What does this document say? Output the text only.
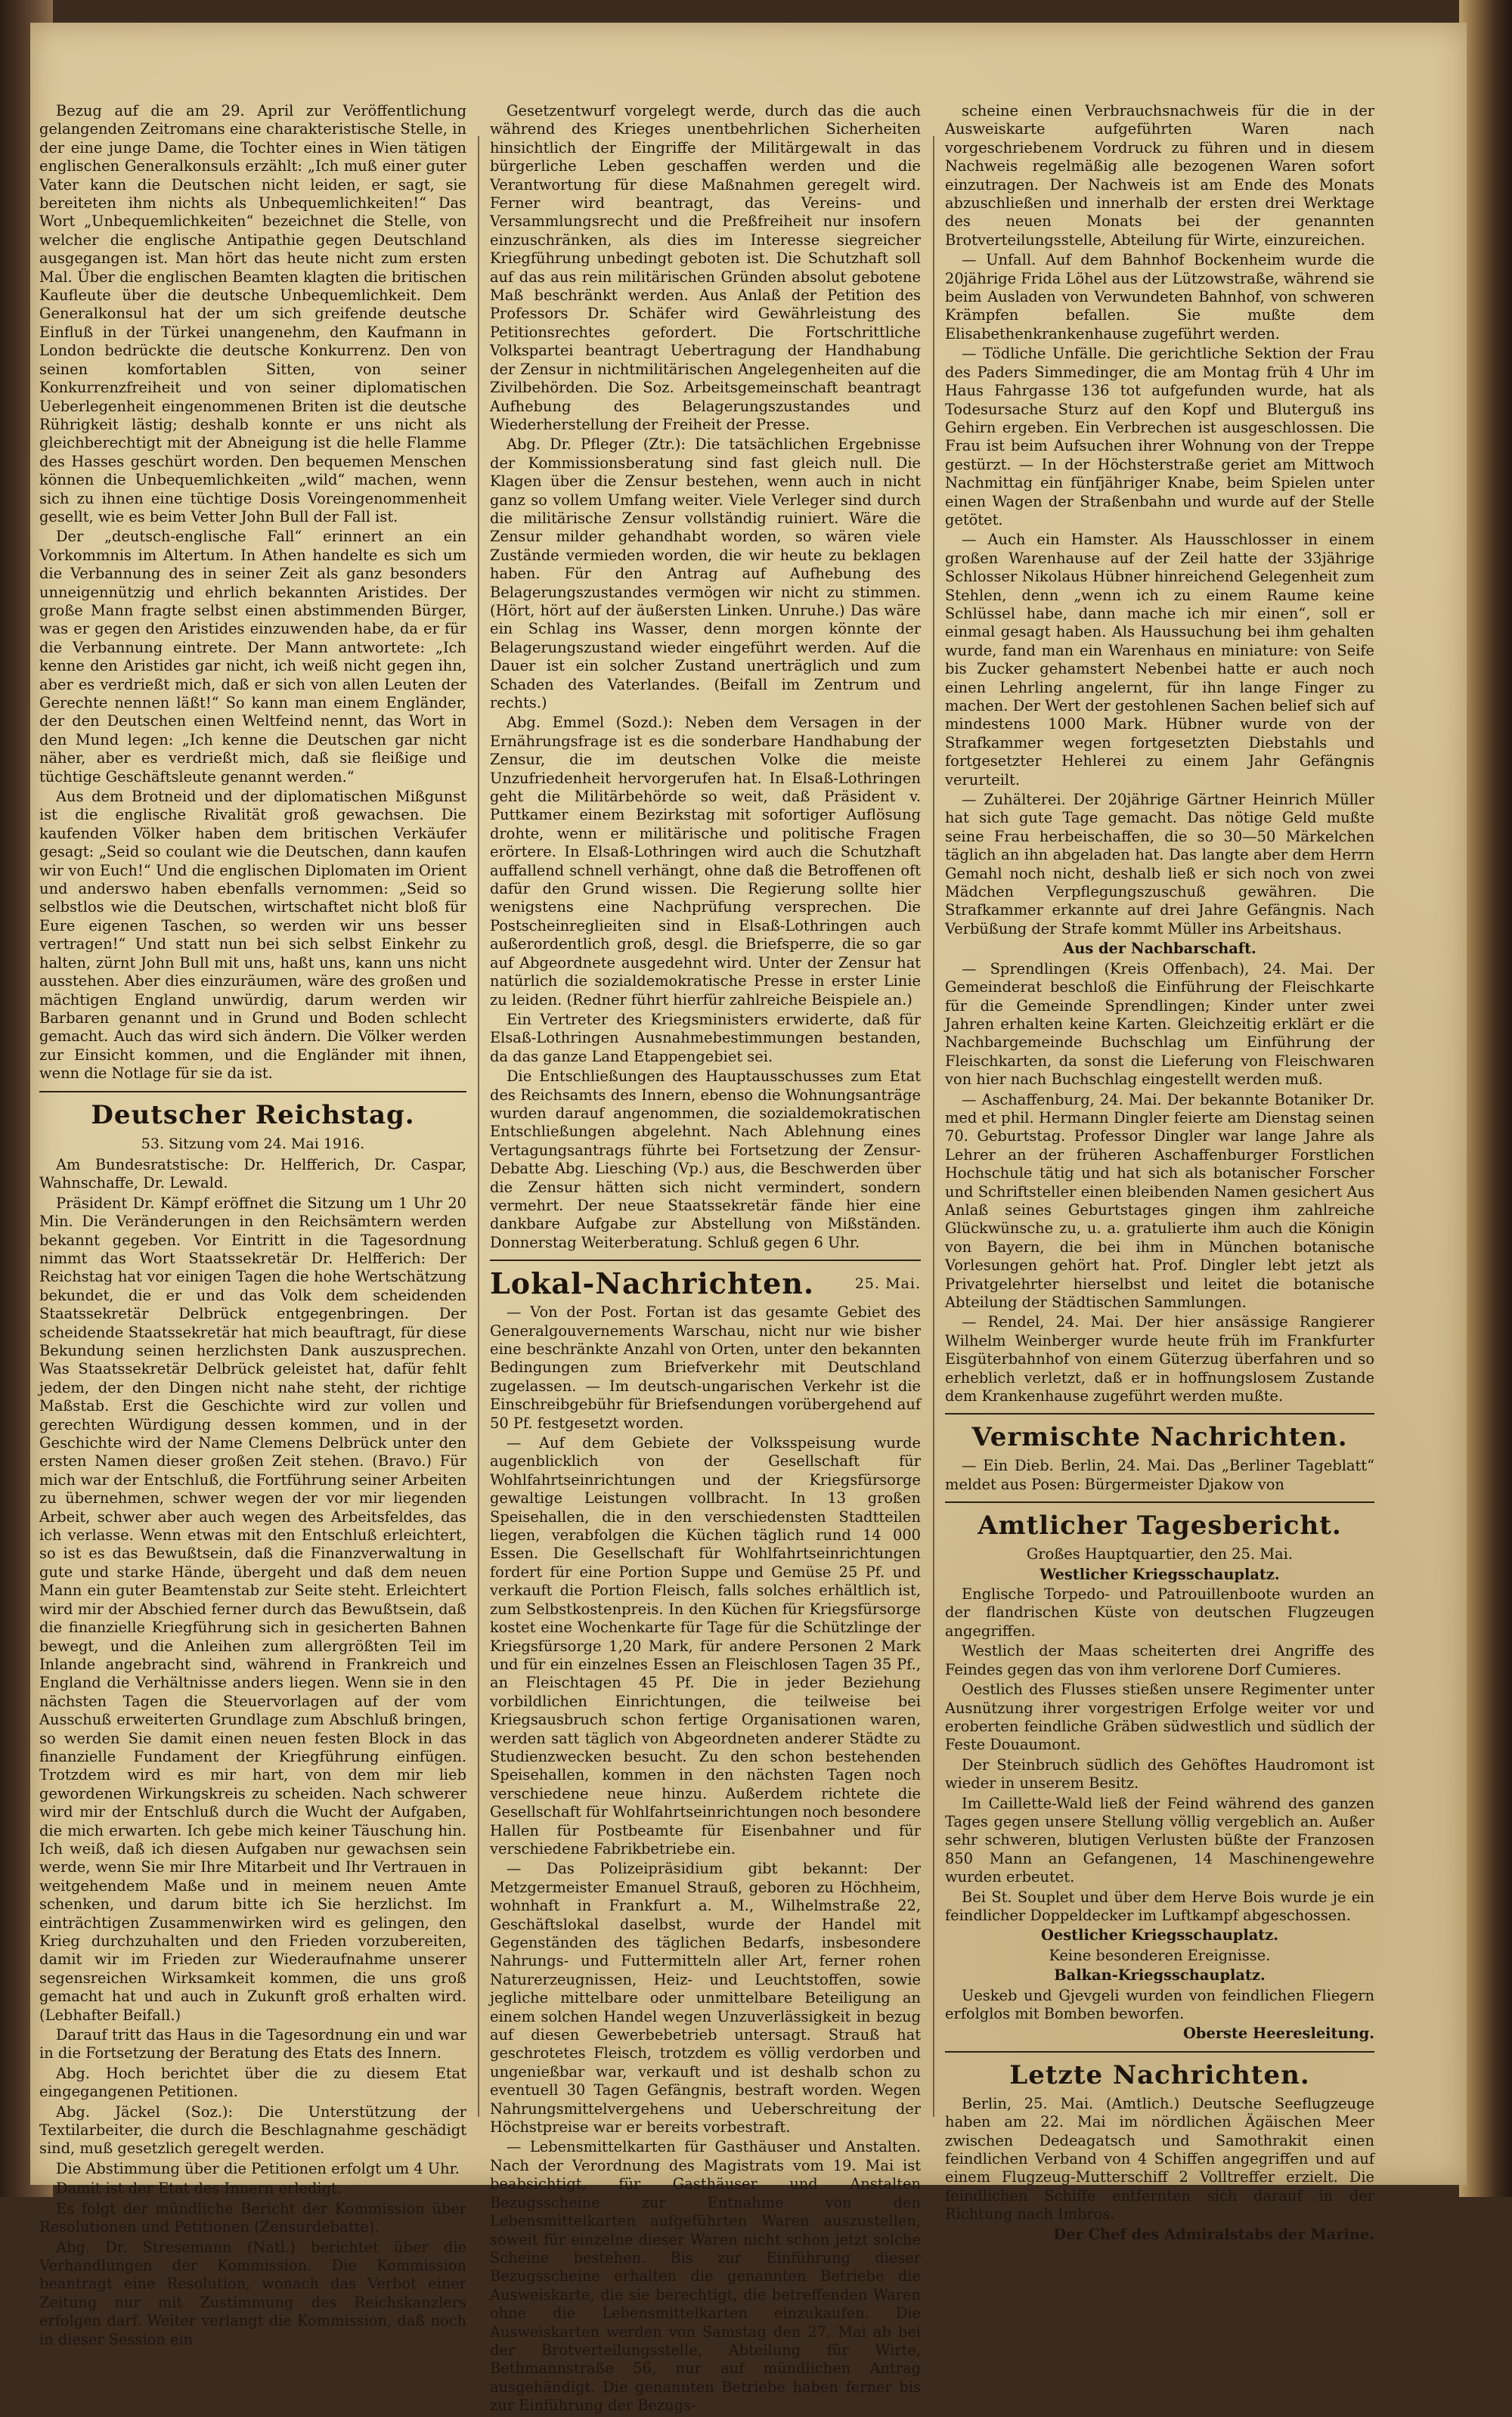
Bezug auf die am 29. April zur Veröffentlichung gelangenden Zeitromans eine charakteristische Stelle, in der eine junge Dame, die Tochter eines in Wien tätigen englischen Generalkonsuls erzählt: „Ich muß einer guter Vater kann die Deutschen nicht leiden, er sagt, sie bereiteten ihm nichts als Unbequemlichkeiten!“ Das Wort „Unbequemlichkeiten“ bezeichnet die Stelle, von welcher die englische Antipathie gegen Deutschland ausgegangen ist. Man hört das heute nicht zum ersten Mal. Über die englischen Beamten klagten die britischen Kaufleute über die deutsche Unbequemlichkeit. Dem Generalkonsul hat der um sich greifende deutsche Einfluß in der Türkei unangenehm, den Kaufmann in London bedrückte die deutsche Konkurrenz. Den von seinen komfortablen Sitten, von seiner Konkurrenzfreiheit und von seiner diplomatischen Ueberlegenheit eingenommenen Briten ist die deutsche Rührigkeit lästig; deshalb konnte er uns nicht als gleichberechtigt mit der Abneigung ist die helle Flamme des Hasses geschürt worden. Den bequemen Menschen können die Unbequemlichkeiten „wild“ machen, wenn sich zu ihnen eine tüchtige Dosis Voreingenommenheit gesellt, wie es beim Vetter John Bull der Fall ist.

Der „deutsch-englische Fall“ erinnert an ein Vorkommnis im Altertum. In Athen handelte es sich um die Verbannung des in seiner Zeit als ganz besonders unneigennützig und ehrlich bekannten Aristides. Der große Mann fragte selbst einen abstimmenden Bürger, was er gegen den Aristides einzuwenden habe, da er für die Verbannung eintrete. Der Mann antwortete: „Ich kenne den Aristides gar nicht, ich weiß nicht gegen ihn, aber es verdrießt mich, daß er sich von allen Leuten der Gerechte nennen läßt!“ So kann man einem Engländer, der den Deutschen einen Weltfeind nennt, das Wort in den Mund legen: „Ich kenne die Deutschen gar nicht näher, aber es verdrießt mich, daß sie fleißige und tüchtige Geschäftsleute genannt werden.“

Aus dem Brotneid und der diplomatischen Mißgunst ist die englische Rivalität groß gewachsen. Die kaufenden Völker haben dem britischen Verkäufer gesagt: „Seid so coulant wie die Deutschen, dann kaufen wir von Euch!“ Und die englischen Diplomaten im Orient und anderswo haben ebenfalls vernommen: „Seid so selbstlos wie die Deutschen, wirtschaftet nicht bloß für Eure eigenen Taschen, so werden wir uns besser vertragen!“ Und statt nun bei sich selbst Einkehr zu halten, zürnt John Bull mit uns, haßt uns, kann uns nicht ausstehen. Aber dies einzuräumen, wäre des großen und mächtigen England unwürdig, darum werden wir Barbaren genannt und in Grund und Boden schlecht gemacht. Auch das wird sich ändern. Die Völker werden zur Einsicht kommen, und die Engländer mit ihnen, wenn die Notlage für sie da ist.

Deutscher Reichstag.
53. Sitzung vom 24. Mai 1916.

Am Bundesratstische: Dr. Helfferich, Dr. Caspar, Wahnschaffe, Dr. Lewald.

Präsident Dr. Kämpf eröffnet die Sitzung um 1 Uhr 20 Min. Die Veränderungen in den Reichsämtern werden bekannt gegeben. Vor Eintritt in die Tagesordnung nimmt das Wort Staatssekretär Dr. Helfferich: Der Reichstag hat vor einigen Tagen die hohe Wertschätzung bekundet, die er und das Volk dem scheidenden Staatssekretär Delbrück entgegenbringen. Der scheidende Staatssekretär hat mich beauftragt, für diese Bekundung seinen herzlichsten Dank auszusprechen. Was Staatssekretär Delbrück geleistet hat, dafür fehlt jedem, der den Dingen nicht nahe steht, der richtige Maßstab. Erst die Geschichte wird zur vollen und gerechten Würdigung dessen kommen, und in der Geschichte wird der Name Clemens Delbrück unter den ersten Namen dieser großen Zeit stehen. (Bravo.) Für mich war der Entschluß, die Fortführung seiner Arbeiten zu übernehmen, schwer wegen der vor mir liegenden Arbeit, schwer aber auch wegen des Arbeitsfeldes, das ich verlasse. Wenn etwas mit den Entschluß erleichtert, so ist es das Bewußtsein, daß die Finanzverwaltung in gute und starke Hände, übergeht und daß dem neuen Mann ein guter Beamtenstab zur Seite steht. Erleichtert wird mir der Abschied ferner durch das Bewußtsein, daß die finanzielle Kriegführung sich in gesicherten Bahnen bewegt, und die Anleihen zum allergrößten Teil im Inlande angebracht sind, während in Frankreich und England die Verhältnisse anders liegen. Wenn sie in den nächsten Tagen die Steuervorlagen auf der vom Ausschuß erweiterten Grundlage zum Abschluß bringen, so werden Sie damit einen neuen festen Block in das finanzielle Fundament der Kriegführung einfügen. Trotzdem wird es mir hart, von dem mir lieb gewordenen Wirkungskreis zu scheiden. Nach schwerer wird mir der Entschluß durch die Wucht der Aufgaben, die mich erwarten. Ich gebe mich keiner Täuschung hin. Ich weiß, daß ich diesen Aufgaben nur gewachsen sein werde, wenn Sie mir Ihre Mitarbeit und Ihr Vertrauen in weitgehendem Maße und in meinem neuen Amte schenken, und darum bitte ich Sie herzlichst. Im einträchtigen Zusammenwirken wird es gelingen, den Krieg durchzuhalten und den Frieden vorzubereiten, damit wir im Frieden zur Wiederaufnahme unserer segensreichen Wirksamkeit kommen, die uns groß gemacht hat und auch in Zukunft groß erhalten wird. (Lebhafter Beifall.)

Darauf tritt das Haus in die Tagesordnung ein und war in die Fortsetzung der Beratung des Etats des Innern.

Abg. Hoch berichtet über die zu diesem Etat eingegangenen Petitionen.

Abg. Jäckel (Soz.): Die Unterstützung der Textilarbeiter, die durch die Beschlagnahme geschädigt sind, muß gesetzlich geregelt werden.

Die Abstimmung über die Petitionen erfolgt um 4 Uhr.

Damit ist der Etat des Innern erledigt.

Es folgt der mündliche Bericht der Kommission über Resolutionen und Petitionen (Zensurdebatte).

Abg. Dr. Stresemann (Natl.) berichtet über die Verhandlungen der Kommission. Die Kommission beantragt eine Resolution, wonach das Verbot einer Zeitung nur mit Zustimmung des Reichskanzlers erfolgen darf. Weiter verlangt die Kommission, daß noch in dieser Session ein

Gesetzentwurf vorgelegt werde, durch das die auch während des Krieges unentbehrlichen Sicherheiten hinsichtlich der Eingriffe der Militärgewalt in das bürgerliche Leben geschaffen werden und die Verantwortung für diese Maßnahmen geregelt wird. Ferner wird beantragt, das Vereins- und Versammlungsrecht und die Preßfreiheit nur insofern einzuschränken, als dies im Interesse siegreicher Kriegführung unbedingt geboten ist. Die Schutzhaft soll auf das aus rein militärischen Gründen absolut gebotene Maß beschränkt werden. Aus Anlaß der Petition des Professors Dr. Schäfer wird Gewährleistung des Petitionsrechtes gefordert. Die Fortschrittliche Volkspartei beantragt Uebertragung der Handhabung der Zensur in nichtmilitärischen Angelegenheiten auf die Zivilbehörden. Die Soz. Arbeitsgemeinschaft beantragt Aufhebung des Belagerungszustandes und Wiederherstellung der Freiheit der Presse.

Abg. Dr. Pfleger (Ztr.): Die tatsächlichen Ergebnisse der Kommissionsberatung sind fast gleich null. Die Klagen über die Zensur bestehen, wenn auch in nicht ganz so vollem Umfang weiter. Viele Verleger sind durch die militärische Zensur vollständig ruiniert. Wäre die Zensur milder gehandhabt worden, so wären viele Zustände vermieden worden, die wir heute zu beklagen haben. Für den Antrag auf Aufhebung des Belagerungszustandes vermögen wir nicht zu stimmen. (Hört, hört auf der äußersten Linken. Unruhe.) Das wäre ein Schlag ins Wasser, denn morgen könnte der Belagerungszustand wieder eingeführt werden. Auf die Dauer ist ein solcher Zustand unerträglich und zum Schaden des Vaterlandes. (Beifall im Zentrum und rechts.)

Abg. Emmel (Sozd.): Neben dem Versagen in der Ernährungsfrage ist es die sonderbare Handhabung der Zensur, die im deutschen Volke die meiste Unzufriedenheit hervorgerufen hat. In Elsaß-Lothringen geht die Militärbehörde so weit, daß Präsident v. Puttkamer einem Bezirkstag mit sofortiger Auflösung drohte, wenn er militärische und politische Fragen erörtere. In Elsaß-Lothringen wird auch die Schutzhaft auffallend schnell verhängt, ohne daß die Betroffenen oft dafür den Grund wissen. Die Regierung sollte hier wenigstens eine Nachprüfung versprechen. Die Postscheinreglieiten sind in Elsaß-Lothringen auch außerordentlich groß, desgl. die Briefsperre, die so gar auf Abgeordnete ausgedehnt wird. Unter der Zensur hat natürlich die sozialdemokratische Presse in erster Linie zu leiden. (Redner führt hierfür zahlreiche Beispiele an.)

Ein Vertreter des Kriegsministers erwiderte, daß für Elsaß-Lothringen Ausnahmebestimmungen bestanden, da das ganze Land Etappengebiet sei.

Die Entschließungen des Hauptausschusses zum Etat des Reichsamts des Innern, ebenso die Wohnungsanträge wurden darauf angenommen, die sozialdemokratischen Entschließungen abgelehnt. Nach Ablehnung eines Vertagungsantrags führte bei Fortsetzung der Zensur-Debatte Abg. Liesching (Vp.) aus, die Beschwerden über die Zensur hätten sich nicht vermindert, sondern vermehrt. Der neue Staatssekretär fände hier eine dankbare Aufgabe zur Abstellung von Mißständen. Donnerstag Weiterberatung. Schluß gegen 6 Uhr.

Lokal-Nachrichten.	25. Mai.

— Von der Post. Fortan ist das gesamte Gebiet des Generalgouvernements Warschau, nicht nur wie bisher eine beschränkte Anzahl von Orten, unter den bekannten Bedingungen zum Briefverkehr mit Deutschland zugelassen. — Im deutsch-ungarischen Verkehr ist die Einschreibgebühr für Briefsendungen vorübergehend auf 50 Pf. festgesetzt worden.

— Auf dem Gebiete der Volksspeisung wurde augenblicklich von der Gesellschaft für Wohlfahrtseinrichtungen und der Kriegsfürsorge gewaltige Leistungen vollbracht. In 13 großen Speisehallen, die in den verschiedensten Stadtteilen liegen, verabfolgen die Küchen täglich rund 14 000 Essen. Die Gesellschaft für Wohlfahrtseinrichtungen fordert für eine Portion Suppe und Gemüse 25 Pf. und verkauft die Portion Fleisch, falls solches erhältlich ist, zum Selbstkostenpreis. In den Küchen für Kriegsfürsorge kostet eine Wochenkarte für Tage für die Schützlinge der Kriegsfürsorge 1,20 Mark, für andere Personen 2 Mark und für ein einzelnes Essen an Fleischlosen Tagen 35 Pf., an Fleischtagen 45 Pf. Die in jeder Beziehung vorbildlichen Einrichtungen, die teilweise bei Kriegsausbruch schon fertige Organisationen waren, werden satt täglich von Abgeordneten anderer Städte zu Studienzwecken besucht. Zu den schon bestehenden Speisehallen, kommen in den nächsten Tagen noch verschiedene neue hinzu. Außerdem richtete die Gesellschaft für Wohlfahrtseinrichtungen noch besondere Hallen für Postbeamte für Eisenbahner und für verschiedene Fabrikbetriebe ein.

— Das Polizeipräsidium gibt bekannt: Der Metzgermeister Emanuel Strauß, geboren zu Höchheim, wohnhaft in Frankfurt a. M., Wilhelmstraße 22, Geschäftslokal daselbst, wurde der Handel mit Gegenständen des täglichen Bedarfs, insbesondere Nahrungs- und Futtermitteln aller Art, ferner rohen Naturerzeugnissen, Heiz- und Leuchtstoffen, sowie jegliche mittelbare oder unmittelbare Beteiligung an einem solchen Handel wegen Unzuverlässigkeit in bezug auf diesen Gewerbebetrieb untersagt. Strauß hat geschrotetes Fleisch, trotzdem es völlig verdorben und ungenießbar war, verkauft und ist deshalb schon zu eventuell 30 Tagen Gefängnis, bestraft worden. Wegen Nahrungsmittelvergehens und Ueberschreitung der Höchstpreise war er bereits vorbestraft.

— Lebensmittelkarten für Gasthäuser und Anstalten. Nach der Verordnung des Magistrats vom 19. Mai ist beabsichtigt, für Gasthäuser und Anstalten Bezugsscheine zur Entnahme von den Lebensmittelkarten aufgeführten Waren auszustellen, soweit für einzelne dieser Waren nicht schon jetzt solche Scheine bestehen. Bis zur Einführung dieser Bezugsscheine erhalten die genannten Betriebe die Ausweiskarte, die sie berechtigt, die betreffenden Waren ohne die Lebensmittelkarten einzukaufen. Die Ausweiskarten werden von Samstag den 27. Mai ab bei der Brotverteilungsstelle, Abteilung für Wirte, Bethmannstraße 56, nur auf mündlichen Antrag ausgehändigt. Die genannten Betriebe haben ferner bis zur Einführung der Bezugs-

scheine einen Verbrauchsnachweis für die in der Ausweiskarte aufgeführten Waren nach vorgeschriebenem Vordruck zu führen und in diesem Nachweis regelmäßig alle bezogenen Waren sofort einzutragen. Der Nachweis ist am Ende des Monats abzuschließen und innerhalb der ersten drei Werktage des neuen Monats bei der genannten Brotverteilungsstelle, Abteilung für Wirte, einzureichen.

— Unfall. Auf dem Bahnhof Bockenheim wurde die 20jährige Frida Löhel aus der Lützowstraße, während sie beim Ausladen von Verwundeten Bahnhof, von schweren Krämpfen befallen. Sie mußte dem Elisabethenkrankenhause zugeführt werden.

— Tödliche Unfälle. Die gerichtliche Sektion der Frau des Paders Simmedinger, die am Montag früh 4 Uhr im Haus Fahrgasse 136 tot aufgefunden wurde, hat als Todesursache Sturz auf den Kopf und Bluterguß ins Gehirn ergeben. Ein Verbrechen ist ausgeschlossen. Die Frau ist beim Aufsuchen ihrer Wohnung von der Treppe gestürzt. — In der Höchsterstraße geriet am Mittwoch Nachmittag ein fünfjähriger Knabe, beim Spielen unter einen Wagen der Straßenbahn und wurde auf der Stelle getötet.

— Auch ein Hamster. Als Hausschlosser in einem großen Warenhause auf der Zeil hatte der 33jährige Schlosser Nikolaus Hübner hinreichend Gelegenheit zum Stehlen, denn „wenn ich zu einem Raume keine Schlüssel habe, dann mache ich mir einen“, soll er einmal gesagt haben. Als Haussuchung bei ihm gehalten wurde, fand man ein Warenhaus en miniature: von Seife bis Zucker gehamstert Nebenbei hatte er auch noch einen Lehrling angelernt, für ihn lange Finger zu machen. Der Wert der gestohlenen Sachen belief sich auf mindestens 1000 Mark. Hübner wurde von der Strafkammer wegen fortgesetzten Diebstahls und fortgesetzter Hehlerei zu einem Jahr Gefängnis verurteilt.

— Zuhälterei. Der 20jährige Gärtner Heinrich Müller hat sich gute Tage gemacht. Das nötige Geld mußte seine Frau herbeischaffen, die so 30—50 Märkelchen täglich an ihn abgeladen hat. Das langte aber dem Herrn Gemahl noch nicht, deshalb ließ er sich noch von zwei Mädchen Verpflegungszuschuß gewähren. Die Strafkammer erkannte auf drei Jahre Gefängnis. Nach Verbüßung der Strafe kommt Müller ins Arbeitshaus.

Aus der Nachbarschaft.

— Sprendlingen (Kreis Offenbach), 24. Mai. Der Gemeinderat beschloß die Einführung der Fleischkarte für die Gemeinde Sprendlingen; Kinder unter zwei Jahren erhalten keine Karten. Gleichzeitig erklärt er die Nachbargemeinde Buchschlag um Einführung der Fleischkarten, da sonst die Lieferung von Fleischwaren von hier nach Buchschlag eingestellt werden muß.

— Aschaffenburg, 24. Mai. Der bekannte Botaniker Dr. med et phil. Hermann Dingler feierte am Dienstag seinen 70. Geburtstag. Professor Dingler war lange Jahre als Lehrer an der früheren Aschaffenburger Forstlichen Hochschule tätig und hat sich als botanischer Forscher und Schriftsteller einen bleibenden Namen gesichert Aus Anlaß seines Geburtstages gingen ihm zahlreiche Glückwünsche zu, u. a. gratulierte ihm auch die Königin von Bayern, die bei ihm in München botanische Vorlesungen gehört hat. Prof. Dingler lebt jetzt als Privatgelehrter hierselbst und leitet die botanische Abteilung der Städtischen Sammlungen.

— Rendel, 24. Mai. Der hier ansässige Rangierer Wilhelm Weinberger wurde heute früh im Frankfurter Eisgüterbahnhof von einem Güterzug überfahren und so erheblich verletzt, daß er in hoffnungslosem Zustande dem Krankenhause zugeführt werden mußte.

Vermischte Nachrichten.

— Ein Dieb. Berlin, 24. Mai. Das „Berliner Tageblatt“ meldet aus Posen: Bürgermeister Djakow von

Amtlicher Tagesbericht.

Großes Hauptquartier, den 25. Mai.

Westlicher Kriegsschauplatz.

Englische Torpedo- und Patrouillenboote wurden an der flandrischen Küste von deutschen Flugzeugen angegriffen.

Westlich der Maas scheiterten drei Angriffe des Feindes gegen das von ihm verlorene Dorf Cumieres.

Oestlich des Flusses stießen unsere Regimenter unter Ausnützung ihrer vorgestrigen Erfolge weiter vor und eroberten feindliche Gräben südwestlich und südlich der Feste Douaumont.

Der Steinbruch südlich des Gehöftes Haudromont ist wieder in unserem Besitz.

Im Caillette-Wald ließ der Feind während des ganzen Tages gegen unsere Stellung völlig vergeblich an. Außer sehr schweren, blutigen Verlusten büßte der Franzosen 850 Mann an Gefangenen, 14 Maschinengewehre wurden erbeutet.

Bei St. Souplet und über dem Herve Bois wurde je ein feindlicher Doppeldecker im Luftkampf abgeschossen.

Oestlicher Kriegsschauplatz.

Keine besonderen Ereignisse.

Balkan-Kriegsschauplatz.

Ueskeb und Gjevgeli wurden von feindlichen Fliegern erfolglos mit Bomben beworfen.

Oberste Heeresleitung.

Letzte Nachrichten.

Berlin, 25. Mai. (Amtlich.) Deutsche Seeflugzeuge haben am 22. Mai im nördlichen Ägäischen Meer zwischen Dedeagatsch und Samothrakit einen feindlichen Verband von 4 Schiffen angegriffen und auf einem Flugzeug-Mutterschiff 2 Volltreffer erzielt. Die feindlichen Schiffe entfernten sich darauf in der Richtung nach Imbros.

Der Chef des Admiralstabs der Marine.
